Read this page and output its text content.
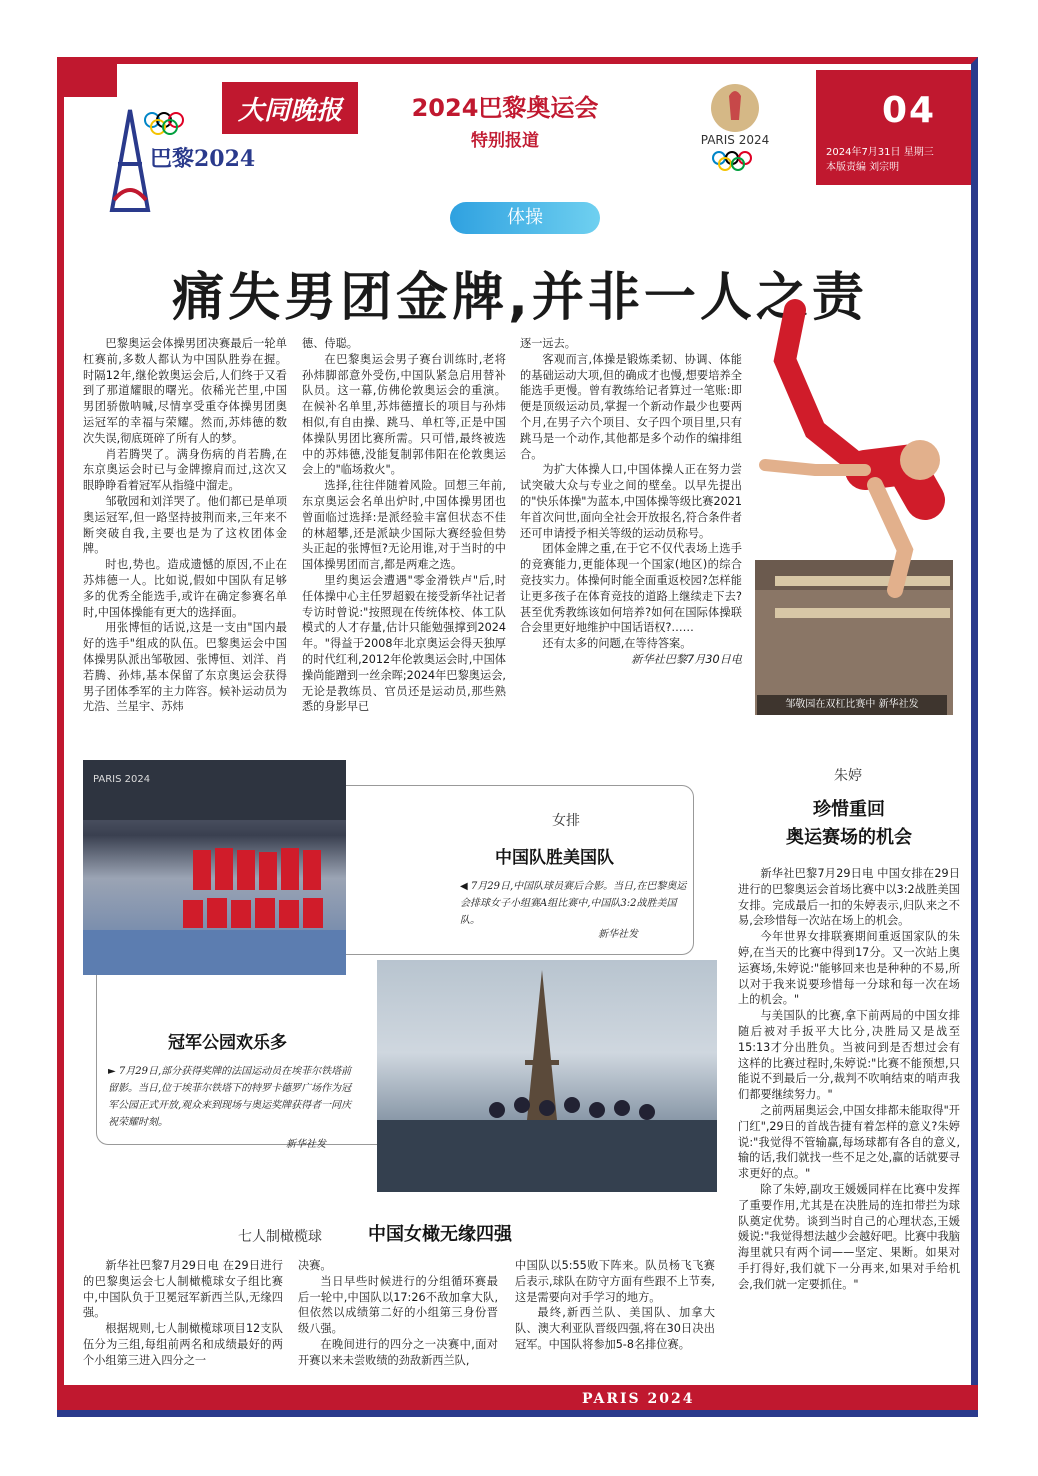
巴黎2024
大同晚报	2024巴黎奥运会
特别报道	PARIS 2024
04
2024年7月31日 星期三
本版责编 刘宗明
体操
痛失男团金牌,并非一人之责

巴黎奥运会体操男团决赛最后一轮单杠赛前,多数人都认为中国队胜券在握。时隔12年,继伦敦奥运会后,人们终于又看到了那道耀眼的曙光。依稀光芒里,中国男团骄傲呐喊,尽情享受重夺体操男团奥运冠军的幸福与荣耀。然而,苏炜德的数次失误,彻底斑碎了所有人的梦。

肖若腾哭了。满身伤病的肖若腾,在东京奥运会时已与金牌擦肩而过,这次又眼睁睁看着冠军从指缝中溜走。

邹敬园和刘洋哭了。他们都已是单项奥运冠军,但一路坚持披荆而来,三年来不断突破自我,主要也是为了这枚团体金牌。

时也,势也。造成遗憾的原因,不止在苏炜德一人。比如说,假如中国队有足够多的优秀全能选手,或许在确定参赛名单时,中国体操能有更大的选择面。

用张博恒的话说,这是一支由"国内最好的选手"组成的队伍。巴黎奥运会中国体操男队派出邹敬园、张博恒、刘洋、肖若腾、孙炜,基本保留了东京奥运会获得男子团体季军的主力阵容。候补运动员为尤浩、兰星宇、苏炜

德、侍聪。

在巴黎奥运会男子赛台训练时,老将孙炜脚部意外受伤,中国队紧急启用替补队员。这一幕,仿佛伦敦奥运会的重演。在候补名单里,苏炜德擅长的项目与孙炜相似,有自由操、跳马、单杠等,正是中国体操队男团比赛所需。只可惜,最终被选中的苏炜德,没能复制郭伟阳在伦敦奥运会上的"临场救火"。

选择,往往伴随着风险。回想三年前,东京奥运会名单出炉时,中国体操男团也曾面临过选择:是派经验丰富但状态不佳的林超攀,还是派缺少国际大赛经验但势头正起的张博恒?无论用谁,对于当时的中国体操男团而言,都是两难之选。

里约奥运会遭遇"零金滑铁卢"后,时任体操中心主任罗超毅在接受新华社记者专访时曾说:"按照现在传统体校、体工队模式的人才存量,估计只能勉强撑到2024年。"得益于2008年北京奥运会得天独厚的时代红利,2012年伦敦奥运会时,中国体操尚能蹭到一丝余晖;2024年巴黎奥运会,无论是教练员、官员还是运动员,那些熟悉的身影早已

逐一远去。

客观而言,体操是锻炼柔韧、协调、体能的基础运动大项,但的确成才也慢,想要培养全能选手更慢。曾有教练给记者算过一笔账:即便是顶级运动员,掌握一个新动作最少也要两个月,在男子六个项目、女子四个项目里,只有跳马是一个动作,其他都是多个动作的编排组合。

为扩大体操人口,中国体操人正在努力尝试突破大众与专业之间的壁垒。以早先提出的"快乐体操"为蓝本,中国体操等级比赛2021年首次问世,面向全社会开放报名,符合条件者还可申请授予相关等级的运动员称号。

团体金牌之重,在于它不仅代表场上选手的竞赛能力,更能体现一个国家(地区)的综合竞技实力。体操何时能全面重返校园?怎样能让更多孩子在体育竞技的道路上继续走下去?甚至优秀教练该如何培养?如何在国际体操联合会里更好地维护中国话语权?……

还有太多的问题,在等待答案。

新华社巴黎7月30日电

邹敬园在双杠比赛中 新华社发
PARIS 2024
女排
中国队胜美国队
◀ 7月29日,中国队球员赛后合影。当日,在巴黎奥运会排球女子小组赛A组比赛中,中国队3:2战胜美国队。
新华社发
冠军公园欢乐多
► 7月29日,部分获得奖牌的法国运动员在埃菲尔铁塔前留影。当日,位于埃菲尔铁塔下的特罗卡德罗广场作为冠军公园正式开放,观众来到现场与奥运奖牌获得者一同庆祝荣耀时刻。
新华社发
七人制橄榄球	中国女橄无缘四强

新华社巴黎7月29日电 在29日进行的巴黎奥运会七人制橄榄球女子组比赛中,中国队负于卫冕冠军新西兰队,无缘四强。

根据规则,七人制橄榄球项目12支队伍分为三组,每组前两名和成绩最好的两个小组第三进入四分之一

决赛。

当日早些时候进行的分组循环赛最后一轮中,中国队以17:26不敌加拿大队,但依然以成绩第二好的小组第三身份晋级八强。

在晚间进行的四分之一决赛中,面对开赛以来未尝败绩的劲敌新西兰队,

中国队以5:55败下阵来。队员杨飞飞赛后表示,球队在防守方面有些跟不上节奏,这是需要向对手学习的地方。

最终,新西兰队、美国队、加拿大队、澳大利亚队晋级四强,将在30日决出冠军。中国队将参加5-8名排位赛。

朱婷
珍惜重回
奥运赛场的机会

新华社巴黎7月29日电 中国女排在29日进行的巴黎奥运会首场比赛中以3:2战胜美国女排。完成最后一扣的朱婷表示,归队来之不易,会珍惜每一次站在场上的机会。

今年世界女排联赛期间重返国家队的朱婷,在当天的比赛中得到17分。又一次站上奥运赛场,朱婷说:"能够回来也是种种的不易,所以对于我来说要珍惜每一分球和每一次在场上的机会。"

与美国队的比赛,拿下前两局的中国女排随后被对手扳平大比分,决胜局又是战至15:13才分出胜负。当被问到是否想过会有这样的比赛过程时,朱婷说:"比赛不能预想,只能说不到最后一分,裁判不吹响结束的哨声我们都要继续努力。"

之前两届奥运会,中国女排都未能取得"开门红",29日的首战告捷有着怎样的意义?朱婷说:"我觉得不管输赢,每场球都有各自的意义,输的话,我们就找一些不足之处,赢的话就要寻求更好的点。"

除了朱婷,副攻王媛媛同样在比赛中发挥了重要作用,尤其是在决胜局的连扣带拦为球队奠定优势。谈到当时自己的心理状态,王媛媛说:"我觉得想法越少会越好吧。比赛中我脑海里就只有两个词——坚定、果断。如果对手打得好,我们就下一分再来,如果对手给机会,我们就一定要抓住。"

PARIS 2024
